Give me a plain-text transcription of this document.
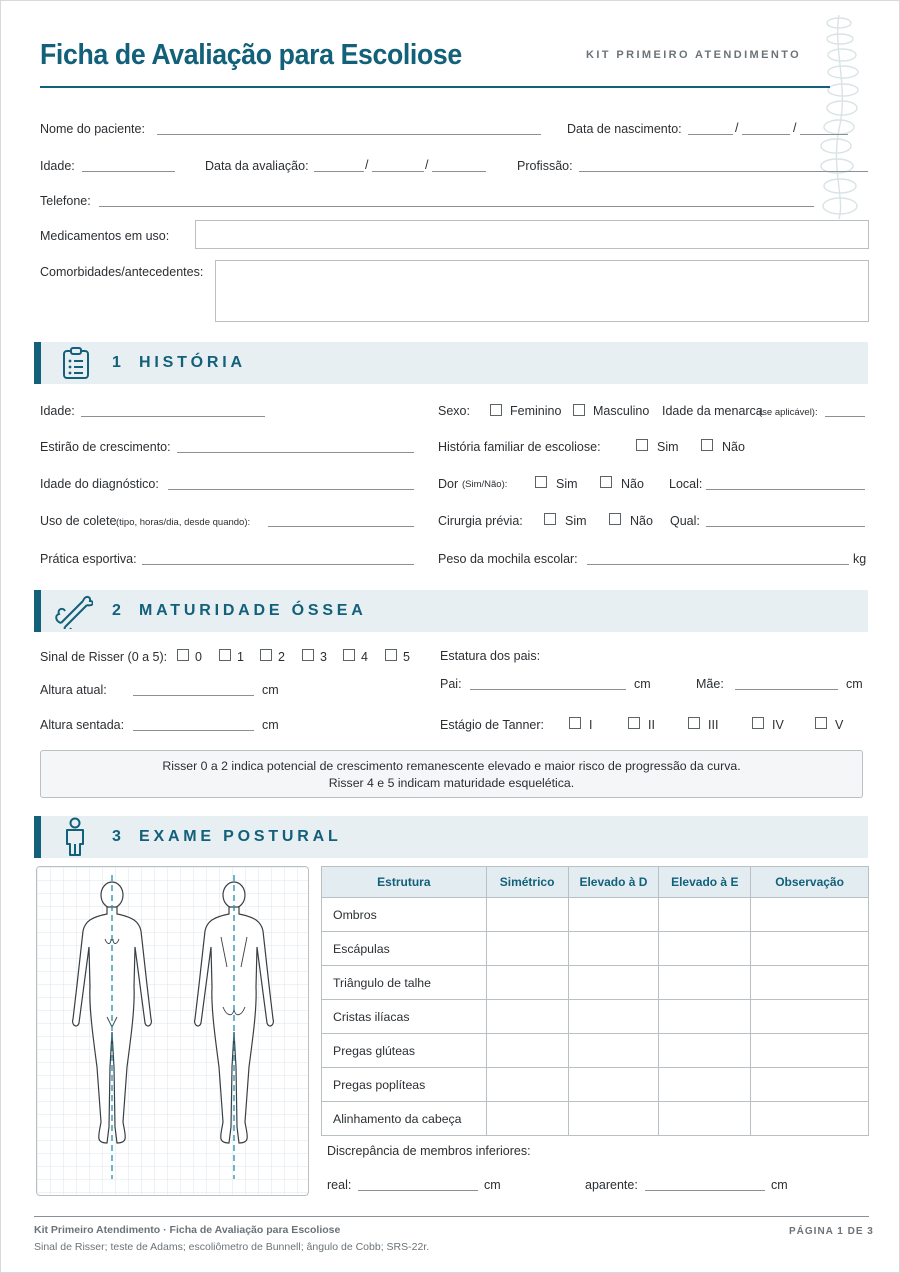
Ficha de Avaliação para Escoliose	KIT PRIMEIRO ATENDIMENTO
Nome do paciente:	Data de nascimento:	/	/
Idade:	Data da avaliação:	/	/	Profissão:
Telefone:
Medicamentos em uso:
Comorbidades/antecedentes:
1 HISTÓRIA
Idade:	Sexo:	Feminino	Masculino Idade da menarca
(se aplicável):
Estirão de crescimento:	História familiar de escoliose:	Sim	Não
Idade do diagnóstico:	Dor (Sim/Não):	Sim	Não Local:
Uso de colete (tipo, horas/dia, desde quando):	Cirurgia prévia:	Sim	Não Qual:
Prática esportiva:	Peso da mochila escolar:	kg
2 MATURIDADE ÓSSEA
Sinal de Risser (0 a 5): 0	1	2	3	4	5 Estatura dos pais:
Pai:	cm	Mãe:	cm
Altura atual:	cm
Altura sentada:	cm	Estágio de Tanner:	I	II	III	IV	V
Risser 0 a 2 indica potencial de crescimento remanescente elevado e maior risco de progressão da curva.
Risser 4 e 5 indicam maturidade esquelética.
3 EXAME POSTURAL
Estrutura	Simétrico	Elevado à D	Elevado à E	Observação
Ombros				
Escápulas				
Triângulo de talhe				
Cristas ilíacas				
Pregas glúteas				
Pregas poplíteas				
Alinhamento da cabeça				
Discrepância de membros inferiores:
real:	cm	aparente:	cm
Kit Primeiro Atendimento · Ficha de Avaliação para Escoliose
Sinal de Risser; teste de Adams; escoliômetro de Bunnell; ângulo de Cobb; SRS-22r.
PÁGINA 1 DE 3
